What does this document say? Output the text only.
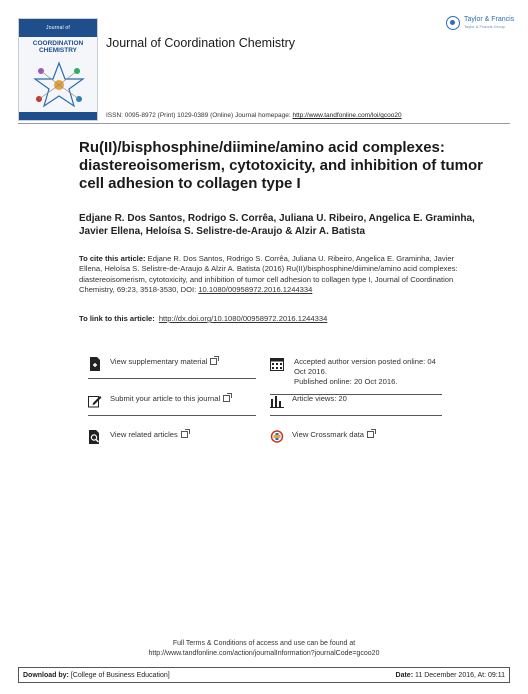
Journal of
COORDINATION
CHEMISTRY
Journal of Coordination Chemistry
Taylor & Francis
Taylor & Francis Group
ISSN: 0095-8972 (Print) 1029-0389 (Online) Journal homepage: http://www.tandfonline.com/loi/gcoo20
Ru(II)/bisphosphine/diimine/amino acid complexes: diastereoisomerism, cytotoxicity, and inhibition of tumor cell adhesion to collagen type I
Edjane R. Dos Santos, Rodrigo S. Corrêa, Juliana U. Ribeiro, Angelica E. Graminha, Javier Ellena, Heloísa S. Selistre-de-Araujo & Alzir A. Batista
To cite this article: Edjane R. Dos Santos, Rodrigo S. Corrêa, Juliana U. Ribeiro, Angelica E. Graminha, Javier Ellena, Heloísa S. Selistre-de-Araujo & Alzir A. Batista (2016) Ru(II)/bisphosphine/diimine/amino acid complexes: diastereoisomerism, cytotoxicity, and inhibition of tumor cell adhesion to collagen type I, Journal of Coordination Chemistry, 69:23, 3518-3530, DOI: 10.1080/00958972.2016.1244334
To link to this article: http://dx.doi.org/10.1080/00958972.2016.1244334
View supplementary material	Accepted author version posted online: 04
Oct 2016.
Published online: 20 Oct 2016.
Submit your article to this journal	Article views: 20
View related articles	View Crossmark data
Full Terms & Conditions of access and use can be found at
http://www.tandfonline.com/action/journalInformation?journalCode=gcoo20
Download by: [College of Business Education]	Date: 11 December 2016, At: 09:11
